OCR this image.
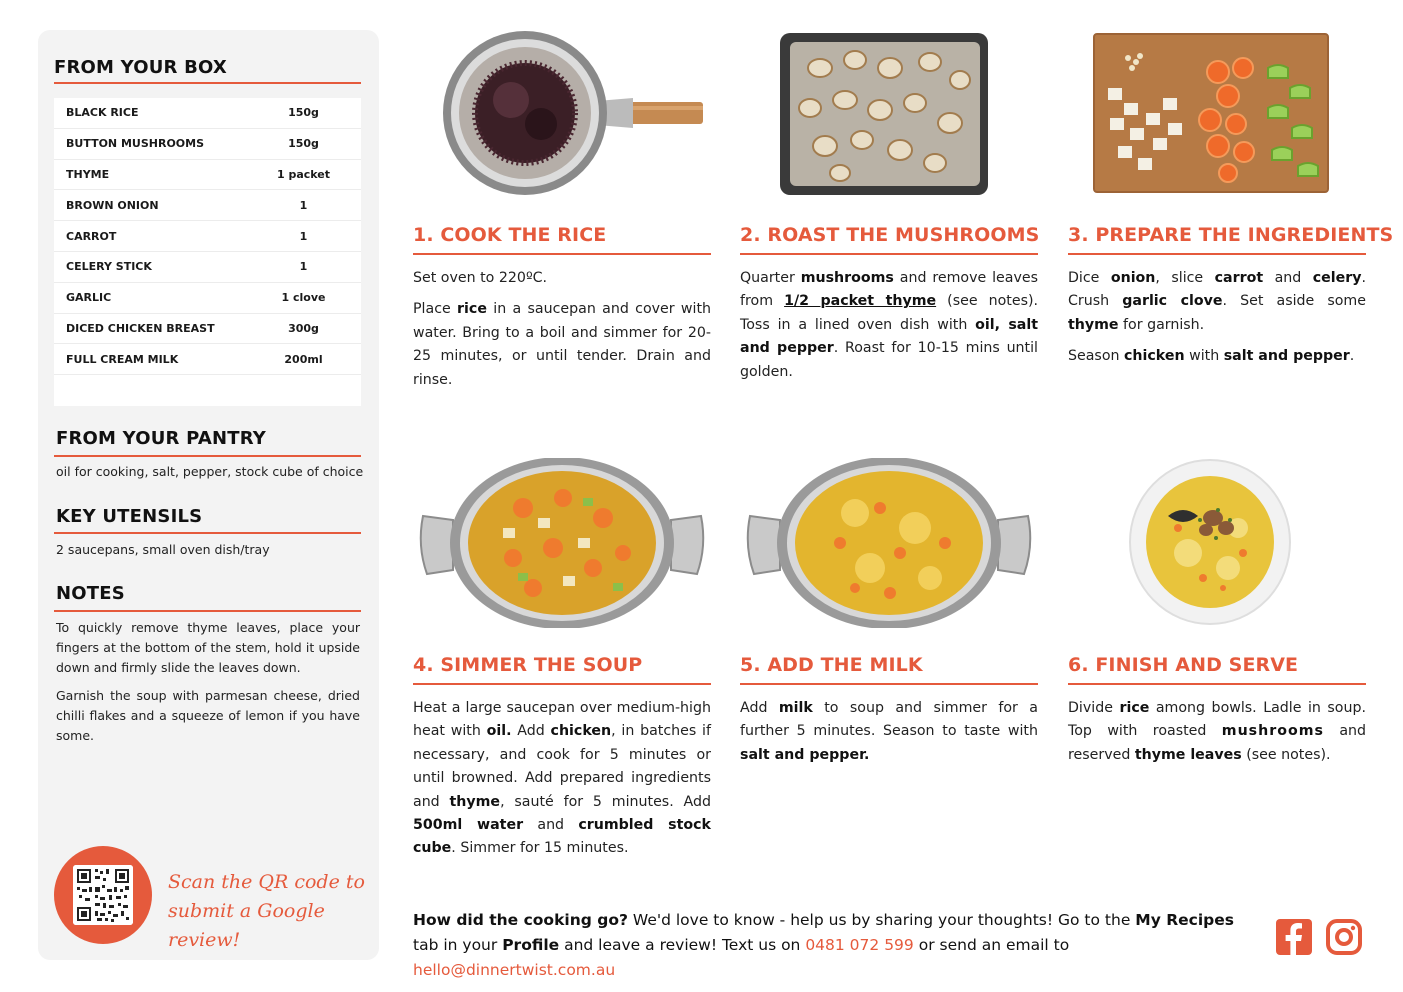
FROM YOUR BOX
BLACK RICE	150g
BUTTON MUSHROOMS	150g
THYME	1 packet
BROWN ONION	1
CARROT	1
CELERY STICK	1
GARLIC	1 clove
DICED CHICKEN BREAST	300g
FULL CREAM MILK	200ml
FROM YOUR PANTRY
oil for cooking, salt, pepper, stock cube of choice
KEY UTENSILS
2 saucepans, small oven dish/tray
NOTES
To quickly remove thyme leaves, place your fingers at the bottom of the stem, hold it upside down and firmly slide the leaves down.
Garnish the soup with parmesan cheese, dried chilli flakes and a squeeze of lemon if you have some.
Scan the QR code to
submit a Google review!
1. COOK THE RICE

Set oven to 220ºC.

Place rice in a saucepan and cover with water. Bring to a boil and simmer for 20-25 minutes, or until tender. Drain and rinse.

2. ROAST THE MUSHROOMS

Quarter mushrooms and remove leaves from 1/2 packet thyme (see notes). Toss in a lined oven dish with oil, salt and pepper. Roast for 10-15 mins until golden.

3. PREPARE THE INGREDIENTS

Dice onion, slice carrot and celery. Crush garlic clove. Set aside some thyme for garnish.

Season chicken with salt and pepper.

4. SIMMER THE SOUP

Heat a large saucepan over medium-high heat with oil. Add chicken, in batches if necessary, and cook for 5 minutes or until browned. Add prepared ingredients and thyme, sauté for 5 minutes. Add 500ml water and crumbled stock cube. Simmer for 15 minutes.

5. ADD THE MILK

Add milk to soup and simmer for a further 5 minutes. Season to taste with salt and pepper.

6. FINISH AND SERVE

Divide rice among bowls. Ladle in soup. Top with roasted mushrooms and reserved thyme leaves (see notes).

How did the cooking go? We'd love to know - help us by sharing your thoughts! Go to the My Recipes tab in your Profile and leave a review! Text us on 0481 072 599 or send an email to hello@dinnertwist.com.au
